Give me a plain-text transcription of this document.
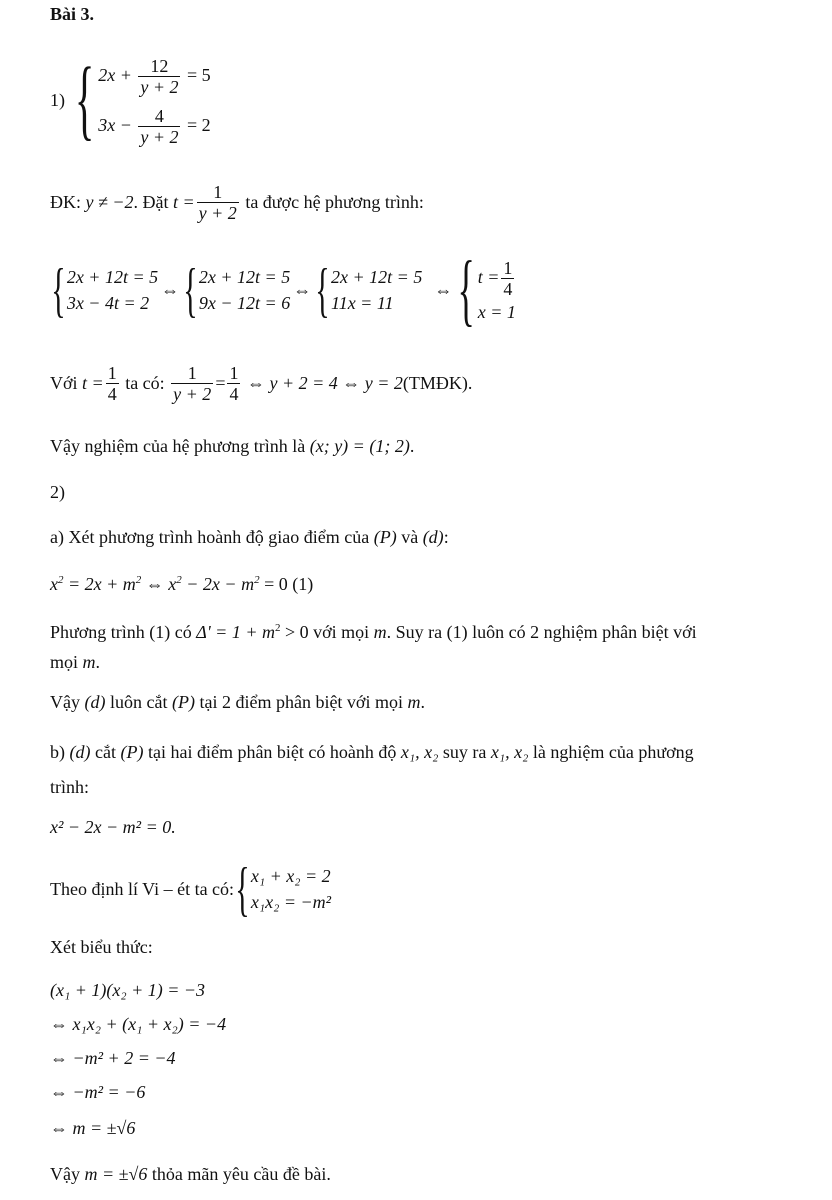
Bài 3.
1) { $2x + \frac{12}{y + 2} = 5$
$3x - \frac{4}{y + 2} = 2$
ĐK:
y ≠ −2 . Đặt
$t = \frac{1}{y + 2}$
ta được hệ phương trình:
{ 2x + 12t = 5
3x − 4t = 2
⇔ { 2x + 12t = 5
9x − 12t = 6
⇔ { 2x + 12t = 5
11x = 11
⇔ { $t = \frac{1}{4}$
x = 1
Với
$t = \frac{1}{4}$
ta có:
$\frac{1}{y + 2} = \frac{1}{4}$
⇔ y + 2 = 4 ⇔ y = 2 (TMĐK).
Vậy nghiệm của hệ phương trình là (x; y) = (1; 2).
2)
a) Xét phương trình hoành độ giao điểm của (P) và (d):
$x^2 = 2x + m^2$ ⇔ $x^2 - 2x - m^2 = 0$ (1)
Phương trình (1) có $\Delta' = 1 + m^2 > 0$ với mọi m. Suy ra (1) luôn có 2 nghiệm phân biệt với
mọi m.
Vậy (d) luôn cắt (P) tại 2 điểm phân biệt với mọi m.
b) (d) cắt (P) tại hai điểm phân biệt có hoành độ x₁, x₂ suy ra x₁, x₂ là nghiệm của phương
trình:
x² − 2x − m² = 0.
Theo định lí Vi – ét ta có: { x₁ + x₂ = 2
x₁x₂ = −m²
Xét biểu thức:
(x₁ + 1)(x₂ + 1) = −3
⇔ x₁x₂ + (x₁ + x₂) = −4
⇔ −m² + 2 = −4
⇔ −m² = −6
⇔ m = ±√6
Vậy m = ±√6 thỏa mãn yêu cầu đề bài.
